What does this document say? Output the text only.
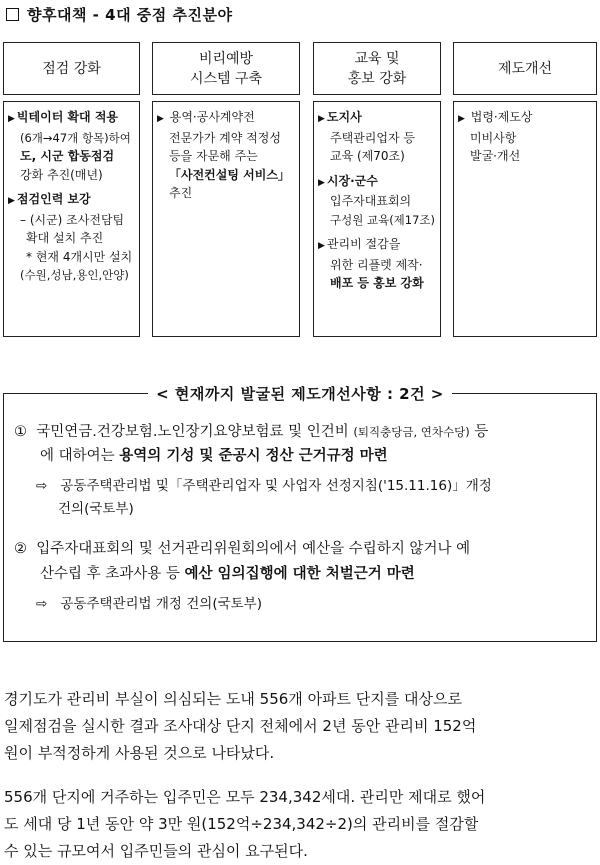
향후대책 - 4대 중점 추진분야
점검 강화
비리예방
시스템 구축
교육 및
홍보 강화
제도개선
▶ 빅테이터 확대 적용
(6개→47개 항목)하여
도, 시군 합동점검
강화 추진(매년)
▶ 점검인력 보강
– (시군) 조사전담팀
확대 설치 추진
* 현재 4개시만 설치
(수원,성남,용인,안양)
▶ 용역·공사계약전
전문가가 계약 적정성
등을 자문해 주는
「사전컨설팅 서비스」
추진
▶ 도지사
주택관리업자 등
교육 (제70조)
▶ 시장·군수
입주자대표회의
구성원 교육(제17조)
▶ 관리비 절감을
위한 리플렛 제작·
배포 등 홍보 강화
▶ 법령·제도상
미비사항
발굴·개선
< 현재까지 발굴된 제도개선사항 : 2건 >
① 국민연금.건강보험.노인장기요양보험료 및 인건비 (퇴직충당금, 연차수당) 등
에 대하여는 용역의 기성 및 준공시 정산 근거규정 마련
⇨ 공동주택관리법 및「주택관리업자 및 사업자 선정지침('15.11.16)」개정
건의(국토부)
② 입주자대표회의 및 선거관리위원회의에서 예산을 수립하지 않거나 예
산수립 후 초과사용 등 예산 임의집행에 대한 처벌근거 마련
⇨ 공동주택관리법 개정 건의(국토부)
경기도가 관리비 부실이 의심되는 도내 556개 아파트 단지를 대상으로
일제점검을 실시한 결과 조사대상 단지 전체에서 2년 동안 관리비 152억
원이 부적정하게 사용된 것으로 나타났다.
556개 단지에 거주하는 입주민은 모두 234,342세대. 관리만 제대로 했어
도 세대 당 1년 동안 약 3만 원(152억÷234,342÷2)의 관리비를 절감할
수 있는 규모여서 입주민들의 관심이 요구된다.
